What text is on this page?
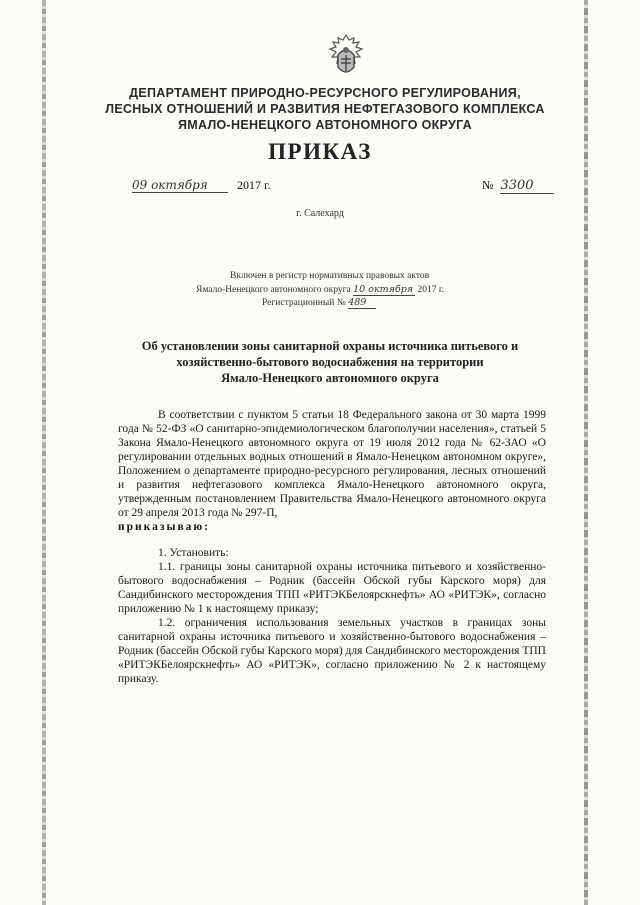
ДЕПАРТАМЕНТ ПРИРОДНО-РЕСУРСНОГО РЕГУЛИРОВАНИЯ,
ЛЕСНЫХ ОТНОШЕНИЙ И РАЗВИТИЯ НЕФТЕГАЗОВОГО КОМПЛЕКСА
ЯМАЛО-НЕНЕЦКОГО АВТОНОМНОГО ОКРУГА
ПРИКАЗ
09 октября 2017 г.	№ 3300
г. Салехард
Включен в регистр нормативных правовых актов
Ямало-Ненецкого автономного округа 10 октября 2017 г.
Регистрационный № 489
Об установлении зоны санитарной охраны источника питьевого и
хозяйственно-бытового водоснабжения на территории
Ямало-Ненецкого автономного округа

В соответствии с пунктом 5 статьи 18 Федерального закона от 30 марта 1999 года № 52-ФЗ «О санитарно-эпидемиологическом благополучии населения», статьей 5 Закона Ямало-Ненецкого автономного округа от 19 июля 2012 года № 62-ЗАО «О регулировании отдельных водных отношений в Ямало-Ненецком автономном округе», Положением о департаменте природно-ресурсного регулирования, лесных отношений и развития нефтегазового комплекса Ямало-Ненецкого автономного округа, утвержденным постановлением Правительства Ямало-Ненецкого автономного округа от 29 апреля 2013 года № 297-П,

приказываю:

1. Установить:

1.1. границы зоны санитарной охраны источника питьевого и хозяйственно-бытового водоснабжения – Родник (бассейн Обской губы Карского моря) для Сандибинского месторождения ТПП «РИТЭКБелоярскнефть» АО «РИТЭК», согласно приложению № 1 к настоящему приказу;

1.2. ограничения использования земельных участков в границах зоны санитарной охраны источника питьевого и хозяйственно-бытового водоснабжения – Родник (бассейн Обской губы Карского моря) для Сандибинского месторождения ТПП «РИТЭКБелоярскнефть» АО «РИТЭК», согласно приложению № 2 к настоящему приказу.
